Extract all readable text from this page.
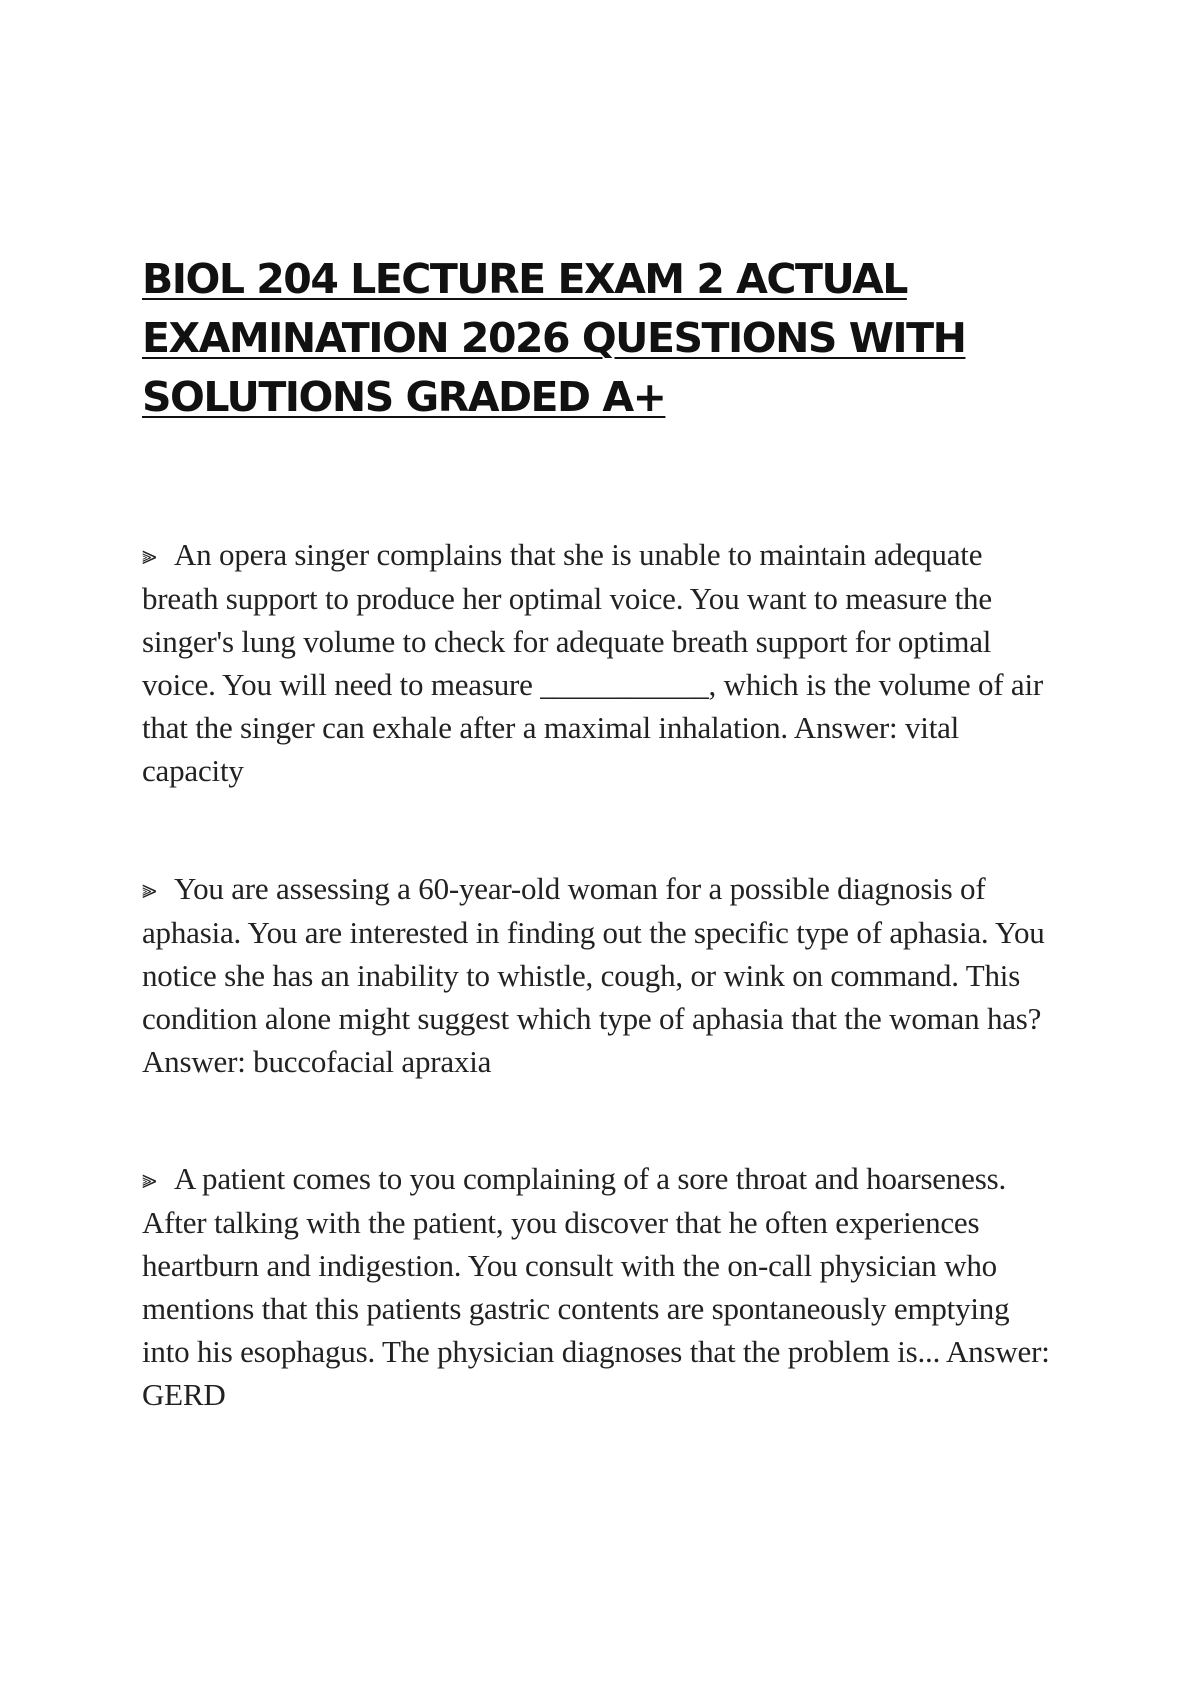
BIOL 204 LECTURE EXAM 2 ACTUAL EXAMINATION 2026 QUESTIONS WITH SOLUTIONS GRADED A+

⫸ An opera singer complains that she is unable to maintain adequate breath support to produce her optimal voice. You want to measure the singer's lung volume to check for adequate breath support for optimal voice. You will need to measure ___________, which is the volume of air that the singer can exhale after a maximal inhalation. Answer: vital capacity

⫸ You are assessing a 60-year-old woman for a possible diagnosis of aphasia. You are interested in finding out the specific type of aphasia. You notice she has an inability to whistle, cough, or wink on command. This condition alone might suggest which type of aphasia that the woman has? Answer: buccofacial apraxia

⫸ A patient comes to you complaining of a sore throat and hoarseness. After talking with the patient, you discover that he often experiences heartburn and indigestion. You consult with the on-call physician who mentions that this patients gastric contents are spontaneously emptying into his esophagus. The physician diagnoses that the problem is... Answer: GERD
